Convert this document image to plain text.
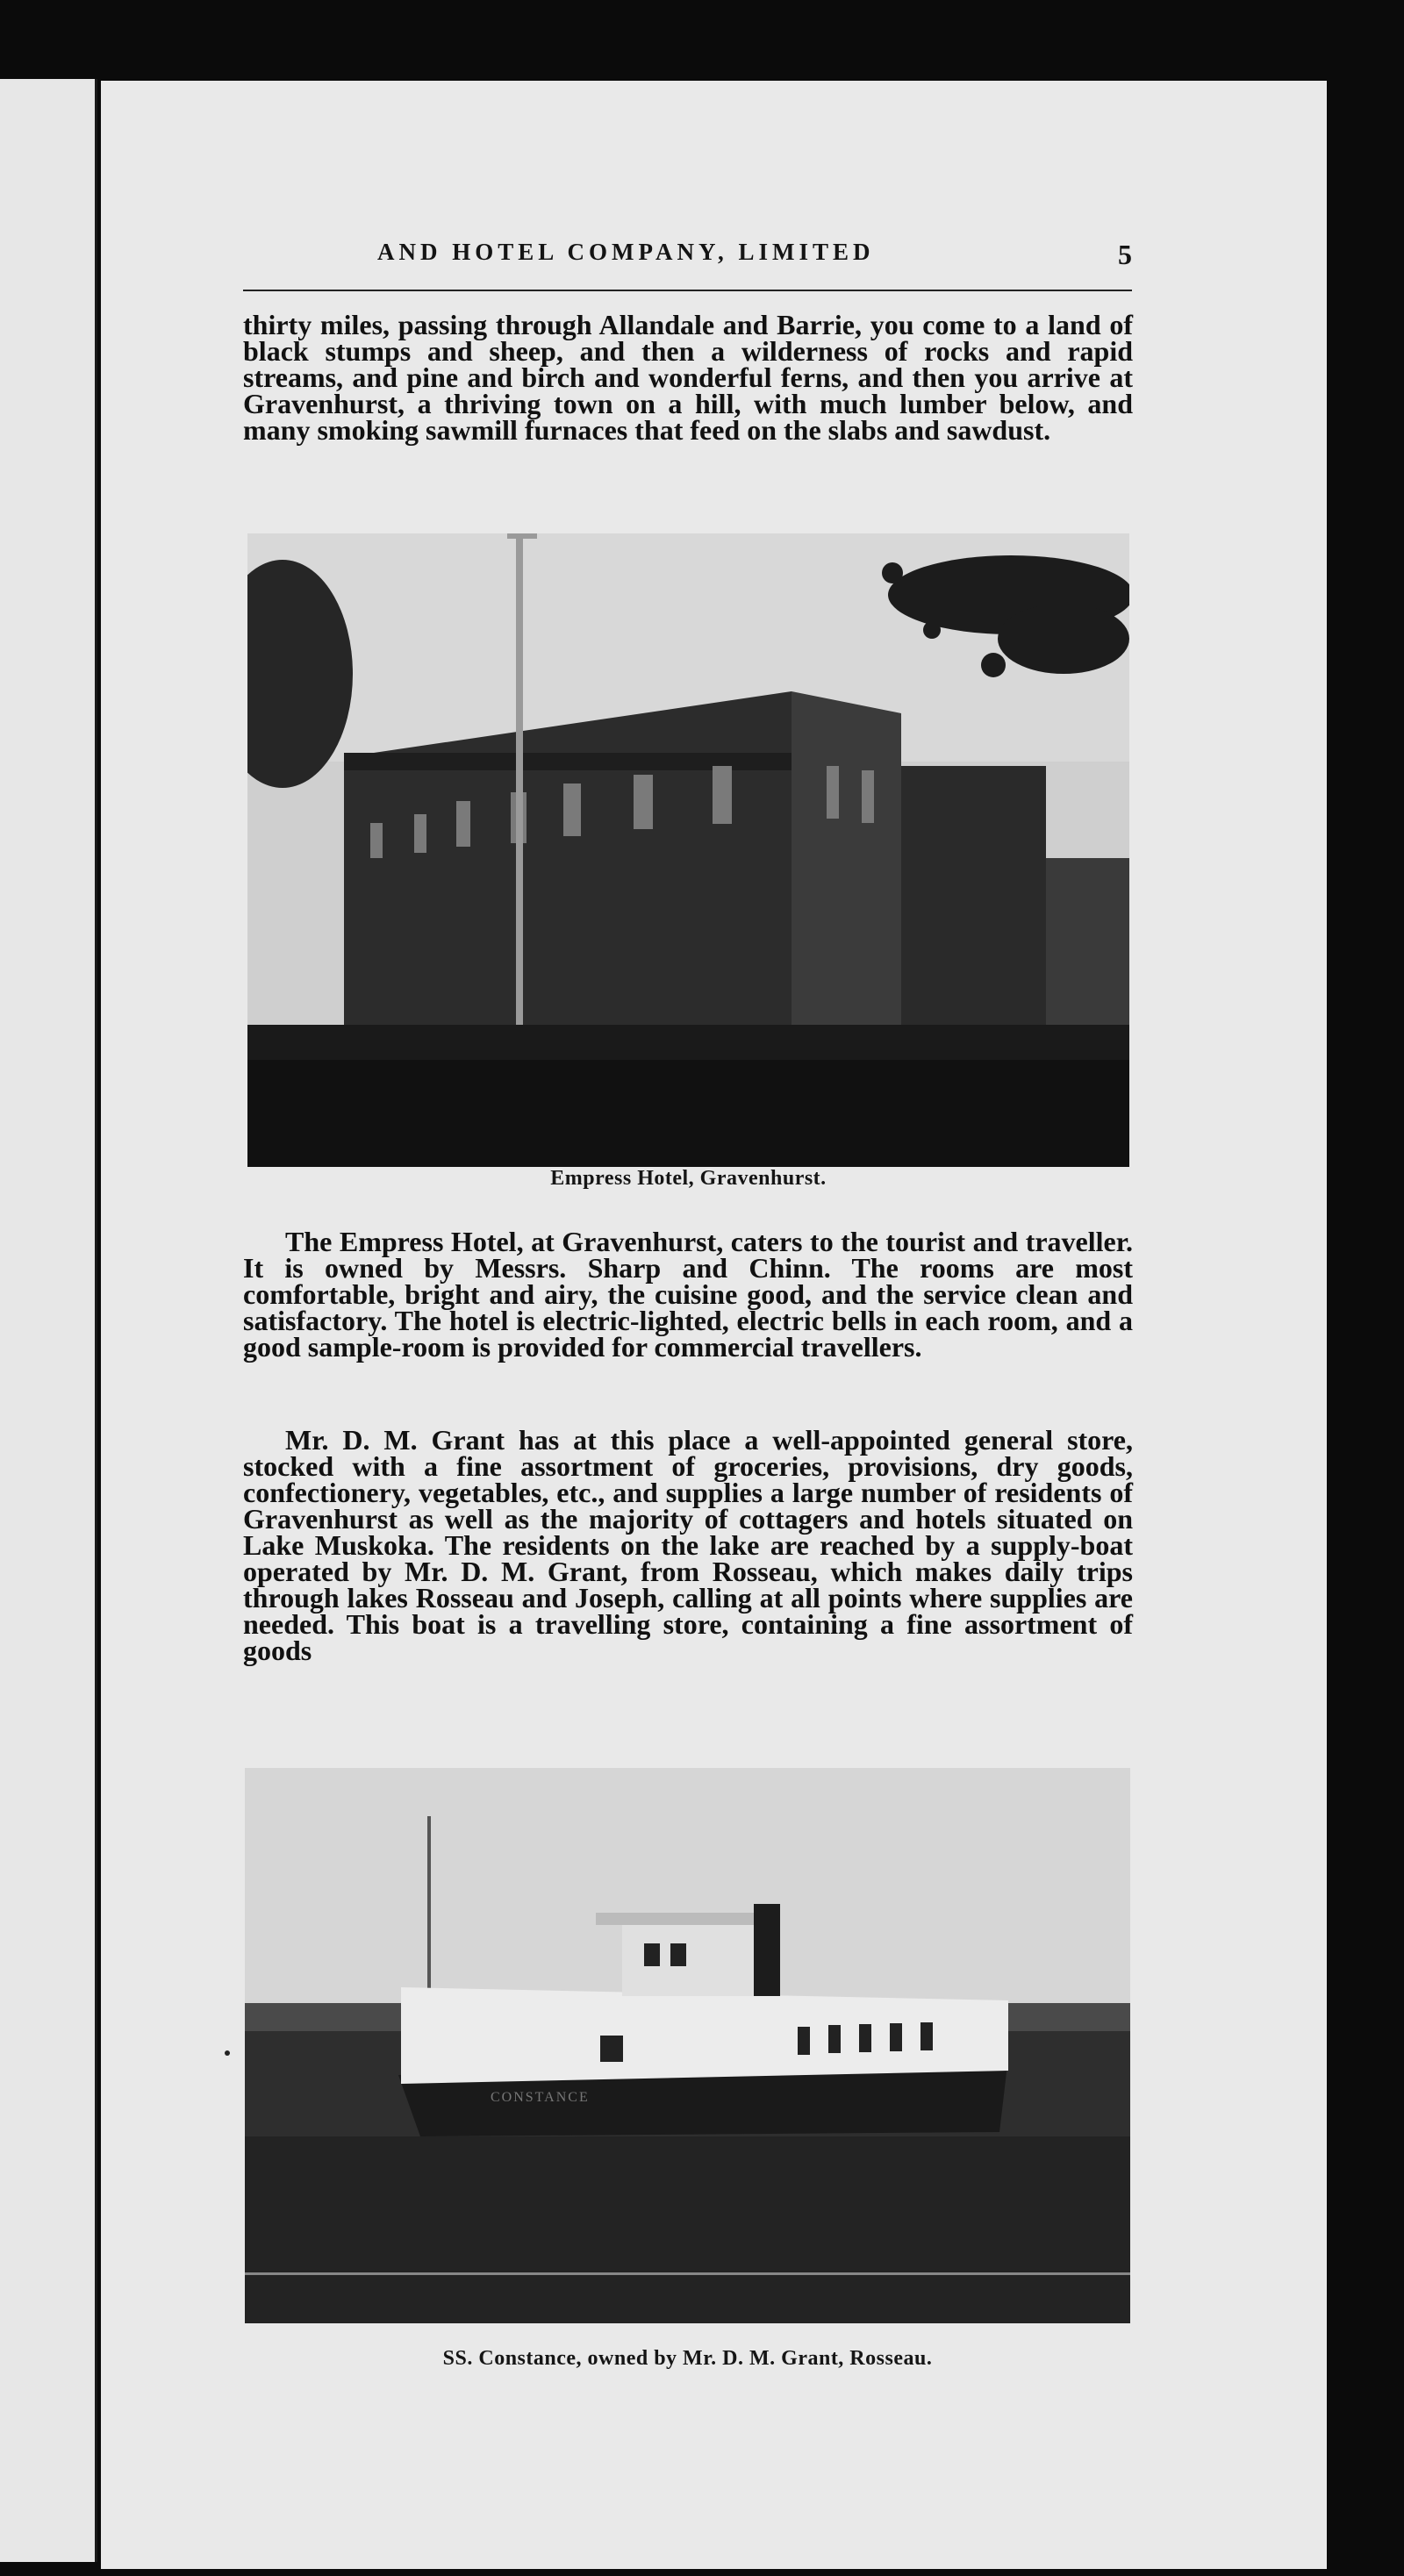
AND HOTEL COMPANY, LIMITED	5

thirty miles, passing through Allandale and Barrie, you come to a land of black stumps and sheep, and then a wilderness of rocks and rapid streams, and pine and birch and wonderful ferns, and then you arrive at Gravenhurst, a thriving town on a hill, with much lumber below, and many smoking sawmill furnaces that feed on the slabs and sawdust.

Empress Hotel, Gravenhurst.

The Empress Hotel, at Gravenhurst, caters to the tourist and traveller. It is owned by Messrs. Sharp and Chinn. The rooms are most comfortable, bright and airy, the cuisine good, and the service clean and satisfactory. The hotel is electric-lighted, electric bells in each room, and a good sample-room is provided for commercial travellers.

Mr. D. M. Grant has at this place a well-appointed general store, stocked with a fine assortment of groceries, provisions, dry goods, confectionery, vegetables, etc., and supplies a large number of residents of Gravenhurst as well as the majority of cottagers and hotels situated on Lake Muskoka. The residents on the lake are reached by a supply-boat operated by Mr. D. M. Grant, from Rosseau, which makes daily trips through lakes Rosseau and Joseph, calling at all points where supplies are needed. This boat is a travelling store, containing a fine assortment of goods

CONSTANCE
SS. Constance, owned by Mr. D. M. Grant, Rosseau.
